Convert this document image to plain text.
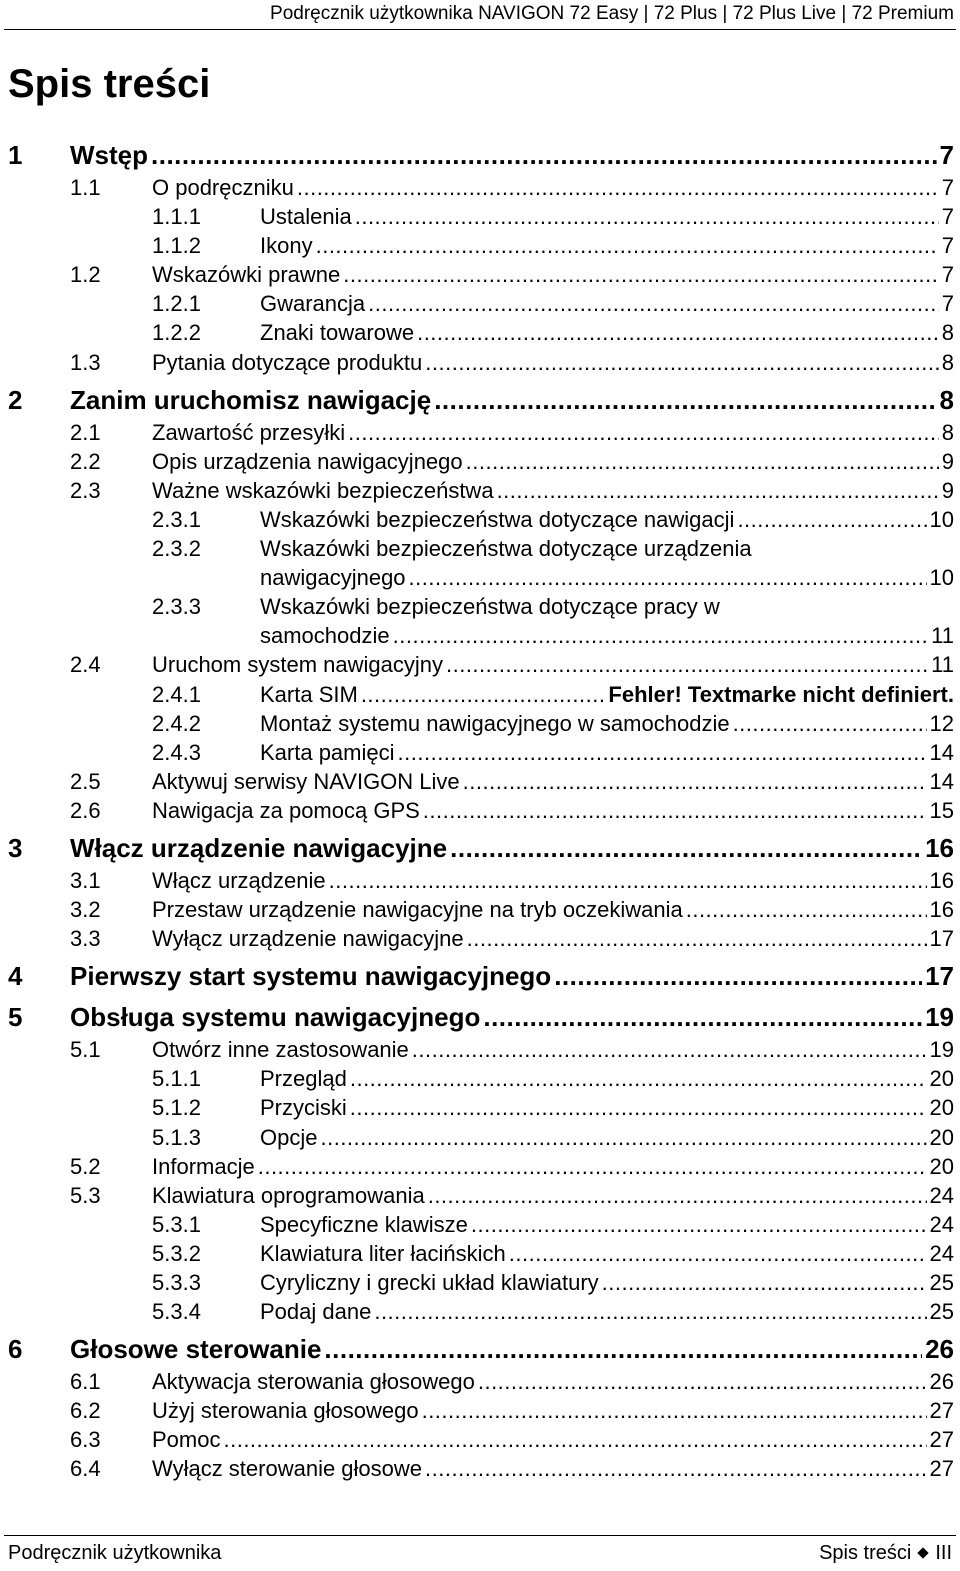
Podręcznik użytkownika NAVIGON 72 Easy | 72 Plus | 72 Plus Live | 72 Premium
Spis treści
1 Wstęp .....	7
1.1 O podręczniku .....	7
1.1.1	Ustalenia .....	7
1.1.2	Ikony .....	7
1.2 Wskazówki prawne .....	7
1.2.1	Gwarancja .....	7
1.2.2	Znaki towarowe .....	8
1.3 Pytania dotyczące produktu .....	8
2 Zanim uruchomisz nawigację .....	8
2.1 Zawartość przesyłki .....	8
2.2 Opis urządzenia nawigacyjnego .....	9
2.3 Ważne wskazówki bezpieczeństwa .....	9
2.3.1	Wskazówki bezpieczeństwa dotyczące nawigacji .....	10
2.3.2	Wskazówki bezpieczeństwa dotyczące urządzenia
nawigacyjnego .....	10
2.3.3	Wskazówki bezpieczeństwa dotyczące pracy w
samochodzie .....	11
2.4 Uruchom system nawigacyjny .....	11
2.4.1	Karta SIM .....	Fehler! Textmarke nicht definiert.
2.4.2	Montaż systemu nawigacyjnego w samochodzie .....	12
2.4.3	Karta pamięci .....	14
2.5 Aktywuj serwisy NAVIGON Live .....	14
2.6 Nawigacja za pomocą GPS .....	15
3 Włącz urządzenie nawigacyjne .....	16
3.1 Włącz urządzenie .....	16
3.2 Przestaw urządzenie nawigacyjne na tryb oczekiwania .....	16
3.3 Wyłącz urządzenie nawigacyjne .....	17
4 Pierwszy start systemu nawigacyjnego .....	17
5 Obsługa systemu nawigacyjnego .....	19
5.1 Otwórz inne zastosowanie .....	19
5.1.1	Przegląd .....	20
5.1.2	Przyciski .....	20
5.1.3	Opcje .....	20
5.2 Informacje .....	20
5.3 Klawiatura oprogramowania .....	24
5.3.1	Specyficzne klawisze .....	24
5.3.2	Klawiatura liter łacińskich .....	24
5.3.3	Cyryliczny i grecki układ klawiatury .....	25
5.3.4	Podaj dane .....	25
6 Głosowe sterowanie .....	26
6.1 Aktywacja sterowania głosowego .....	26
6.2 Użyj sterowania głosowego .....	27
6.3 Pomoc .....	27
6.4 Wyłącz sterowanie głosowe .....	27
Podręcznik użytkownika	Spis treści III
